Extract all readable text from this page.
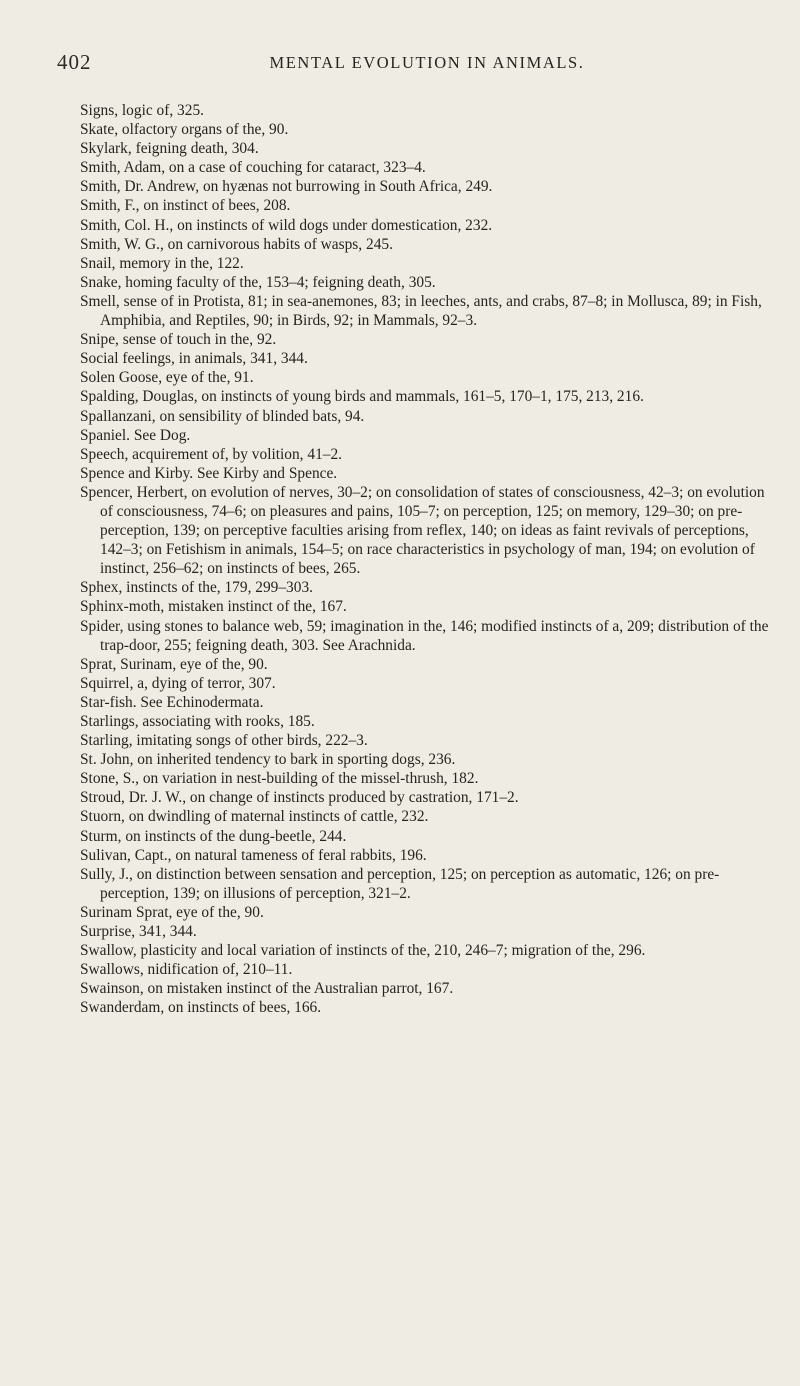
402	MENTAL EVOLUTION IN ANIMALS.
Signs, logic of, 325.
Skate, olfactory organs of the, 90.
Skylark, feigning death, 304.
Smith, Adam, on a case of couching for cataract, 323–4.
Smith, Dr. Andrew, on hyænas not burrowing in South Africa, 249.
Smith, F., on instinct of bees, 208.
Smith, Col. H., on instincts of wild dogs under domestication, 232.
Smith, W. G., on carnivorous habits of wasps, 245.
Snail, memory in the, 122.
Snake, homing faculty of the, 153–4; feigning death, 305.
Smell, sense of in Protista, 81; in sea-anemones, 83; in leeches, ants, and crabs, 87–8; in Mollusca, 89; in Fish, Amphibia, and Reptiles, 90; in Birds, 92; in Mammals, 92–3.
Snipe, sense of touch in the, 92.
Social feelings, in animals, 341, 344.
Solen Goose, eye of the, 91.
Spalding, Douglas, on instincts of young birds and mammals, 161–5, 170–1, 175, 213, 216.
Spallanzani, on sensibility of blinded bats, 94.
Spaniel. See Dog.
Speech, acquirement of, by volition, 41–2.
Spence and Kirby. See Kirby and Spence.
Spencer, Herbert, on evolution of nerves, 30–2; on consolidation of states of consciousness, 42–3; on evolution of consciousness, 74–6; on pleasures and pains, 105–7; on perception, 125; on memory, 129–30; on pre-perception, 139; on perceptive faculties arising from reflex, 140; on ideas as faint revivals of perceptions, 142–3; on Fetishism in animals, 154–5; on race characteristics in psychology of man, 194; on evolution of instinct, 256–62; on instincts of bees, 265.
Sphex, instincts of the, 179, 299–303.
Sphinx-moth, mistaken instinct of the, 167.
Spider, using stones to balance web, 59; imagination in the, 146; modified instincts of a, 209; distribution of the trap-door, 255; feigning death, 303. See Arachnida.
Sprat, Surinam, eye of the, 90.
Squirrel, a, dying of terror, 307.
Star-fish. See Echinodermata.
Starlings, associating with rooks, 185.
Starling, imitating songs of other birds, 222–3.
St. John, on inherited tendency to bark in sporting dogs, 236.
Stone, S., on variation in nest-building of the missel-thrush, 182.
Stroud, Dr. J. W., on change of instincts produced by castration, 171–2.
Stuorn, on dwindling of maternal instincts of cattle, 232.
Sturm, on instincts of the dung-beetle, 244.
Sulivan, Capt., on natural tameness of feral rabbits, 196.
Sully, J., on distinction between sensation and perception, 125; on perception as automatic, 126; on pre-perception, 139; on illusions of perception, 321–2.
Surinam Sprat, eye of the, 90.
Surprise, 341, 344.
Swallow, plasticity and local variation of instincts of the, 210, 246–7; migration of the, 296.
Swallows, nidification of, 210–11.
Swainson, on mistaken instinct of the Australian parrot, 167.
Swanderdam, on instincts of bees, 166.
